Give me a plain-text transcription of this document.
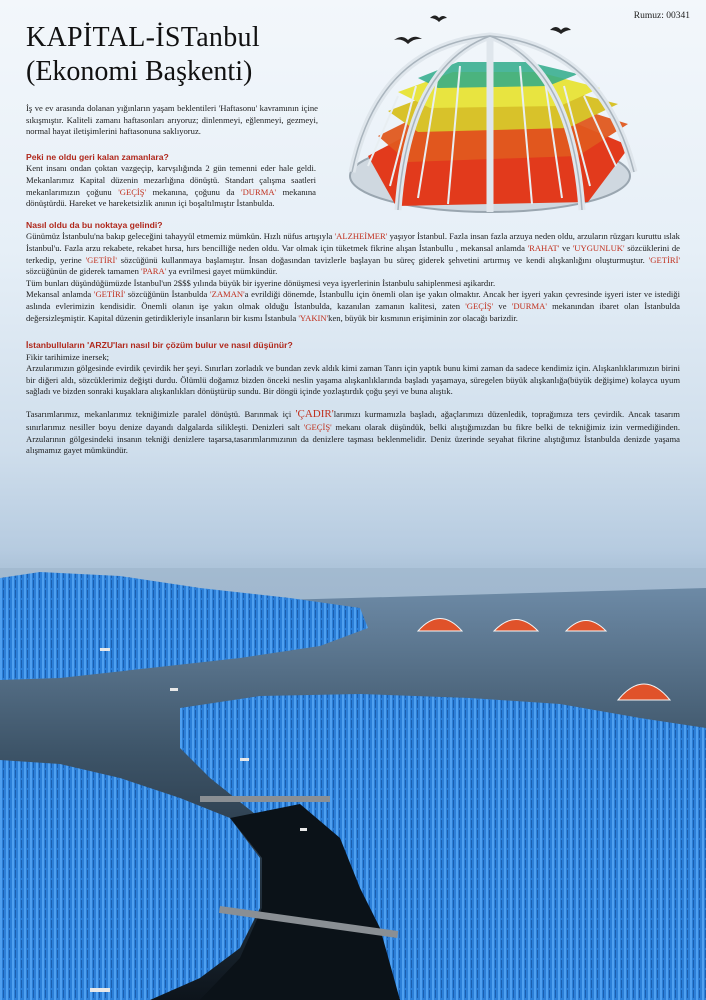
Rumuz: 00341
KAPİTAL-İSTanbul
(Ekonomi Başkenti)

İş ve ev arasında dolanan yığınların yaşam beklentileri 'Haftasonu' kavramının içine sıkışmıştır. Kaliteli zamanı haftasonları arıyoruz; dinlenmeyi, eğlenmeyi, gezmeyi, normal hayat iletişimlerini haftasonuna saklıyoruz.

Peki ne oldu geri kalan zamanlara?

Kent insanı ondan çoktan vazgeçip, karvşılığında 2 gün temenni eder hale geldi. Mekanlarımız Kapital düzenin mezarlığına dönüştü. Standart çalışma saatleri mekanlarımızın çoğunu 'GEÇİŞ' mekanına, çoğunu da 'DURMA' mekanına dönüştürdü. Hareket ve hareketsizlik anının içi boşaltılmıştır İstanbulda.

Nasıl oldu da bu noktaya gelindi?

Günümüz İstanbulu'na bakıp geleceğini tahayyül etmemiz mümkün. Hızlı nüfus artışıyla 'ALZHEİMER' yaşıyor İstanbul. Fazla insan fazla arzuya neden oldu, arzuların rüzgarı kuruttu ıslak İstanbul'u. Fazla arzu rekabete, rekabet hırsa, hırs bencilliğe neden oldu. Var olmak için tüketmek fikrine alışan İstanbullu , mekansal anlamda 'RAHAT' ve 'UYGUNLUK' sözcüklerini de terkedip, yerine 'GETİRİ' sözcüğünü kullanmaya başlamıştır. İnsan doğasından tavizlerle başlayan bu süreç giderek şehvetini artırmış ve kendi alışkanlığını oluşturmuştur. 'GETİRİ' sözcüğünün de giderek tamamen 'PARA' ya evrilmesi gayet mümkündür.

Tüm bunları düşündüğümüzde İstanbul'un 2$$$ yılında büyük bir işyerine dönüşmesi veya işyerlerinin İstanbulu sahiplenmesi aşikardır.

Mekansal anlamda 'GETİRİ' sözcüğünün İstanbulda 'ZAMAN'a evrildiği dönemde, İstanbullu için önemli olan işe yakın olmaktır. Ancak her işyeri yakın çevresinde işyeri ister ve istediği aslında evlerimizin kendisidir. Önemli olanın işe yakın olmak olduğu İstanbulda, kazanılan zamanın kalitesi, zaten 'GEÇİŞ' ve 'DURMA' mekanından ibaret olan İstanbulda değersizleşmiştir. Kapital düzenin getirdikleriyle insanların bir kısmı İstanbula 'YAKIN'ken, büyük bir kısmının erişiminin zor olacağı barizdir.

İstanbulluların 'ARZU'ları nasıl bir çözüm bulur ve nasıl düşünür?

Fikir tarihimize inersek;

Arzularımızın gölgesinde evirdik çevirdik her şeyi. Sınırları zorladık ve bundan zevk aldık kimi zaman Tanrı için yaptık bunu kimi zaman da sadece kendimiz için. Alışkanlıklarımızın birini bir diğeri aldı, sözcüklerimiz değişti durdu. Ölümlü doğamız bizden önceki neslin yaşama alışkanlıklarında başladı yaşamaya, süregelen büyük alışkanlığa(büyük değişime) kolayca uyum sağladı ve bizden sonraki kuşaklara alışkanlıkları dönüştürüp sundu. Bir döngü içinde yozlaştırdık çoğu şeyi ve buna alıştık.

Tasarımlarımız, mekanlarımız tekniğimizle paralel dönüştü. Barınmak içi 'ÇADIR'larımızı kurmamızla başladı, ağaçlarımızı düzenledik, toprağımıza ters çevirdik. Ancak tasarım sınırlarımız nesiller boyu denize dayandı dalgalarda silikleşti. Denizleri salt 'GEÇİŞ' mekanı olarak düşündük, belki alıştığımızdan bu fikre belki de tekniğimiz izin vermediğinden. Arzularının gölgesindeki insanın tekniği denizlere taşarsa,tasarımlarımızının da denizlere taşması beklenmelidir. Deniz üzerinde seyahat fikrine alıştığımız İstanbulda denizde yaşama alışmamız gayet mümkündür.
